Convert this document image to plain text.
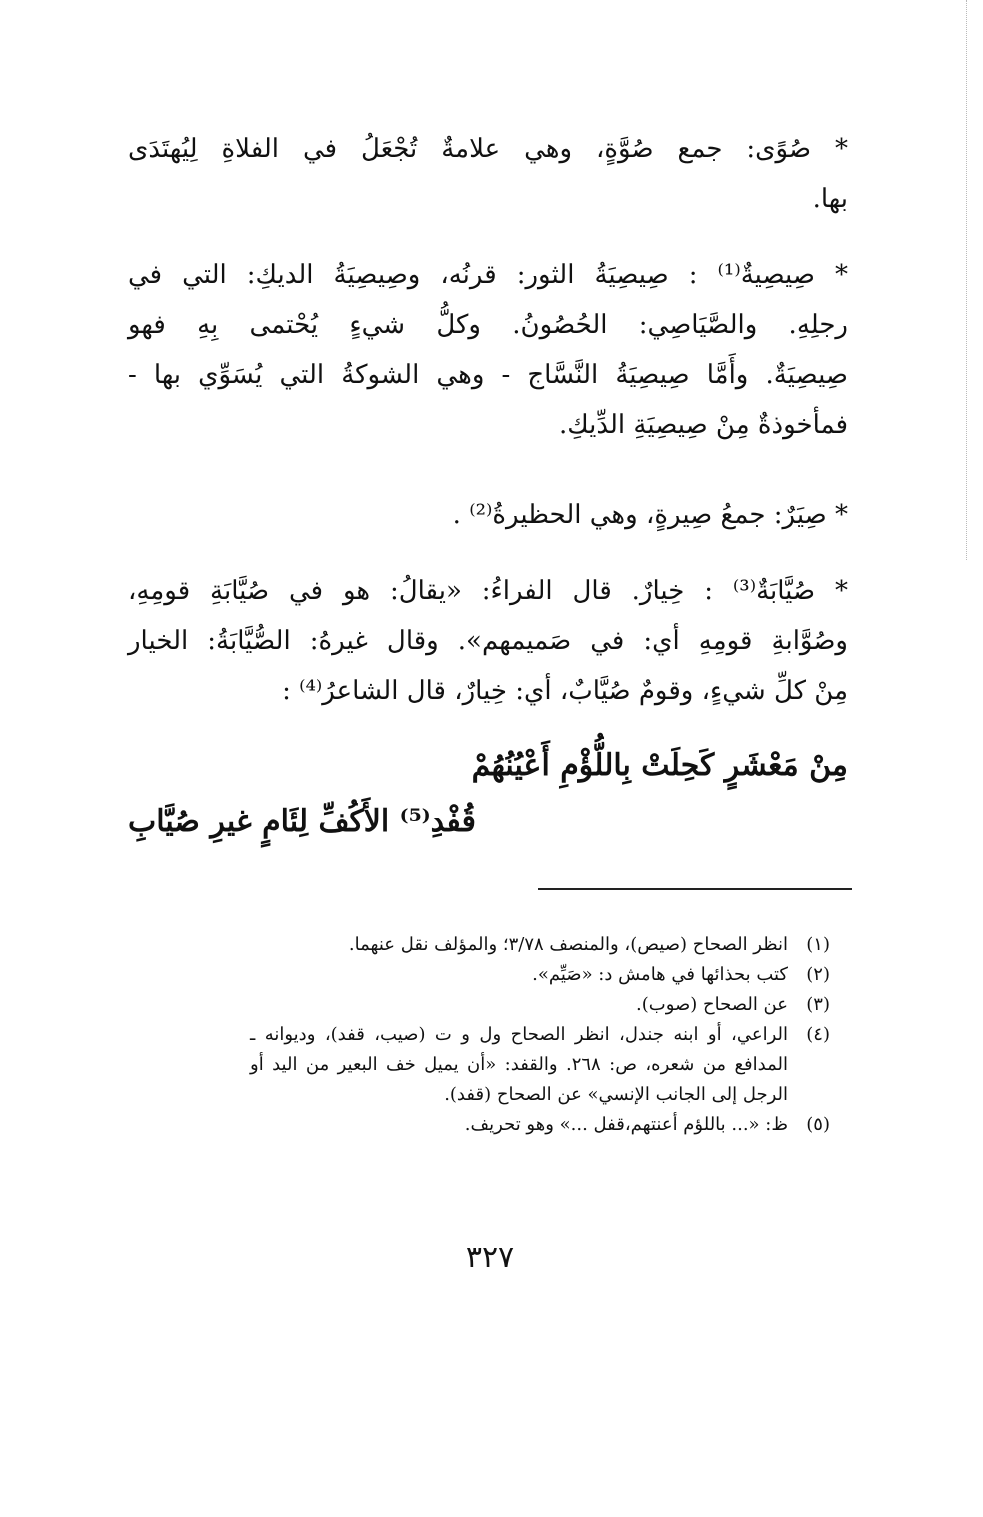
* صُوًى: جمع صُوَّةٍ، وهي علامةٌ تُجْعَلُ في الفلاةِ لِيُهتَدَى
بها.
* صِيصِيةٌ⁽¹⁾ : صِيصِيَةُ الثور: قرنُه، وصِيصِيَةُ الديكِ: التي في
رجلِهِ. والصَّيَاصِي: الحُصُونُ. وكلُّ شيءٍ يُحْتمى بِهِ فهو
صِيصِيَةٌ. وأَمَّا صِيصِيَةُ النَّسَّاج - وهي الشوكةُ التي يُسَوِّي بها -
فمأخوذةٌ مِنْ صِيصِيَةِ الدِّيكِ.
* صِيَرٌ: جمعُ صِيرةٍ، وهي الحظيرةُ⁽²⁾ .
* صُيَّابَةٌ⁽³⁾ : خِيارٌ. قال الفراءُ: «يقالُ: هو في صُيَّابَةِ قومِهِ،
وصُوَّابةِ قومِهِ أي: في صَميمهم». وقال غيرهُ: الصُّيَّابَةُ: الخيار
مِنْ كلِّ شيءٍ، وقومٌ صُيَّابٌ، أي: خِيارٌ، قال الشاعرُ⁽⁴⁾ :
مِنْ مَعْشَرٍ كَحِلَتْ بِاللُّؤْمِ أَعْيُنُهُمْ
قُفْدِ⁽⁵⁾ الأَكُفِّ لِئَامٍ غيرِ صُيَّابِ
(١)
انظر الصحاح (صيص)، والمنصف ٣/٧٨؛ والمؤلف نقل عنهما.
(٢)
كتب بحذائها في هامش د: «صَيِّم».
(٣)
عن الصحاح (صوب).
(٤)
الراعي، أو ابنه جندل، انظر الصحاح ول و ت (صيب، قفد)، وديوانه ـ المدافع من شعره، ص: ٢٦٨. والقفد: «أن يميل خف البعير من اليد أو الرجل إلى الجانب الإنسي» عن الصحاح (قفد).
(٥)
ظ: «... باللؤم أعنتهم،قفل ...» وهو تحريف.
٣٢٧
